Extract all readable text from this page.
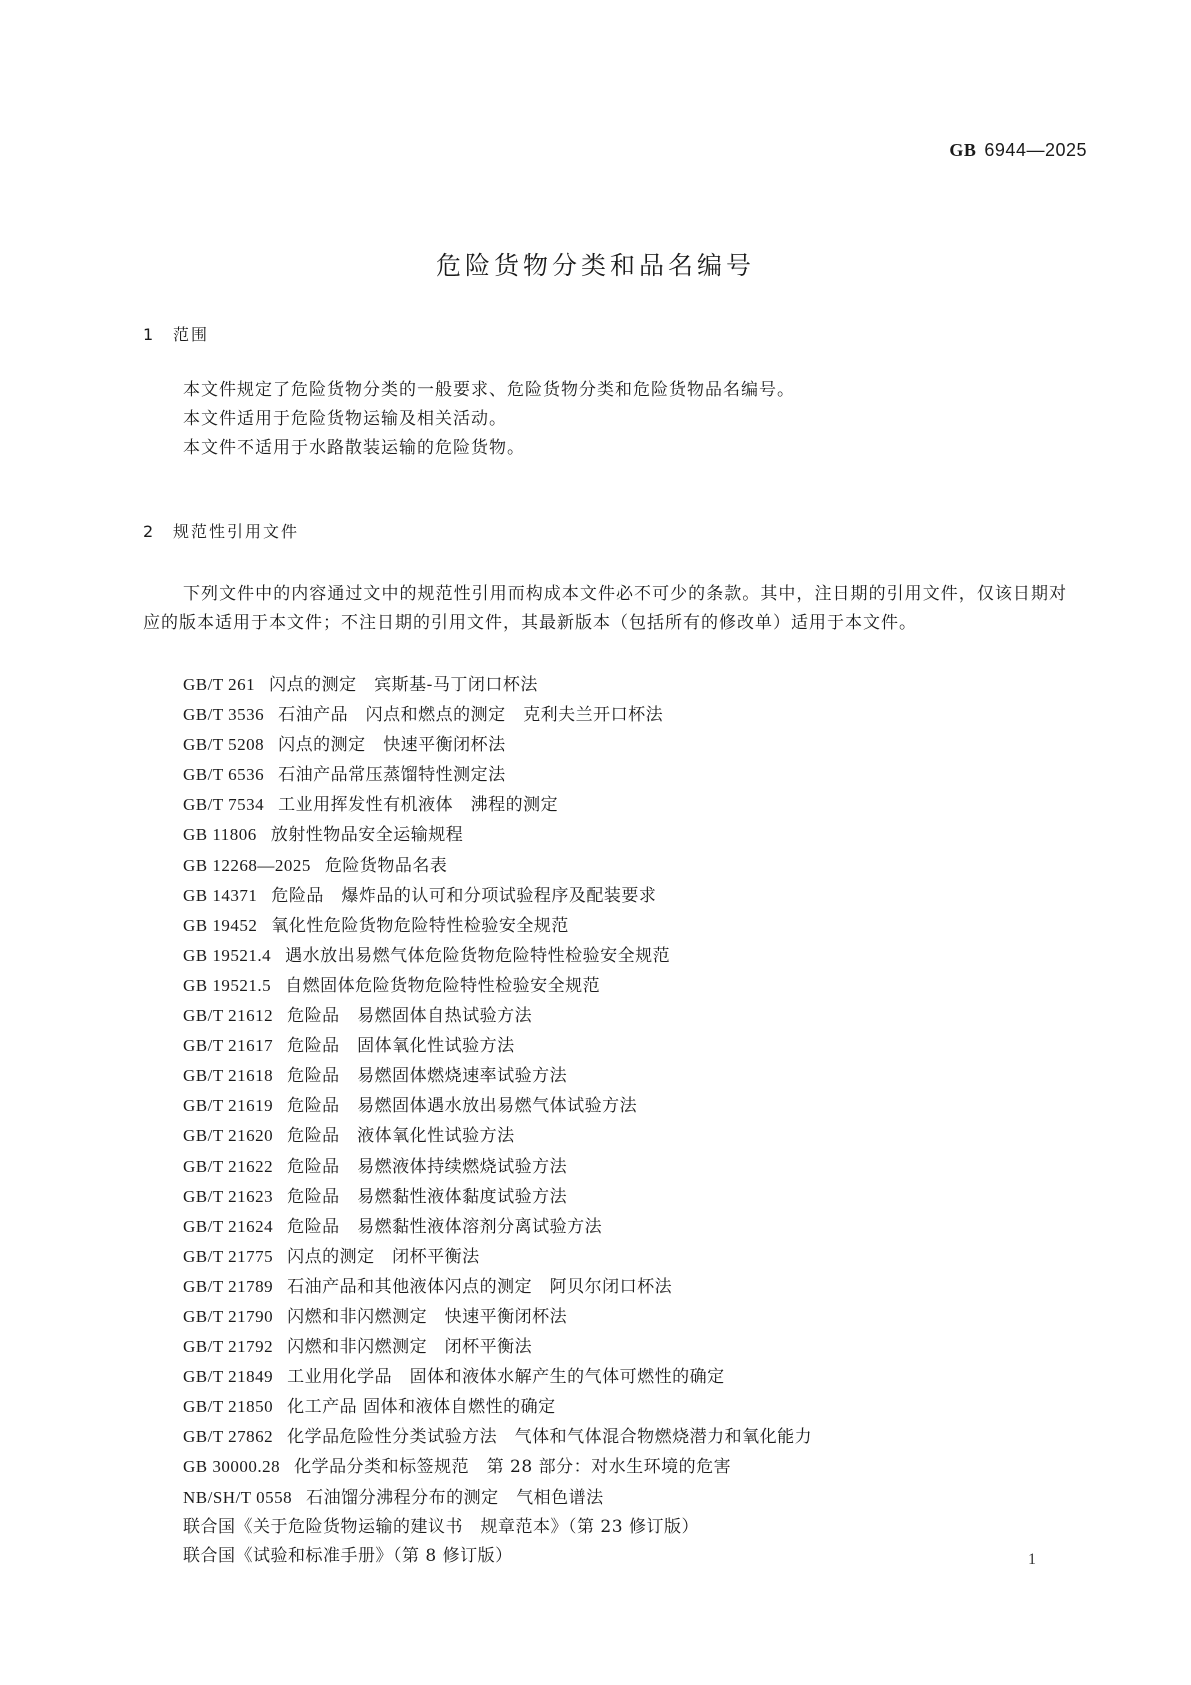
GB 6944—2025
危险货物分类和品名编号
1 范围
本文件规定了危险货物分类的一般要求、危险货物分类和危险货物品名编号。
本文件适用于危险货物运输及相关活动。
本文件不适用于水路散装运输的危险货物。
2 规范性引用文件
下列文件中的内容通过文中的规范性引用而构成本文件必不可少的条款。其中，注日期的引用文件，仅该日期对应的版本适用于本文件；不注日期的引用文件，其最新版本（包括所有的修改单）适用于本文件。
GB/T 261 闪点的测定　宾斯基-马丁闭口杯法
GB/T 3536 石油产品　闪点和燃点的测定　克利夫兰开口杯法
GB/T 5208 闪点的测定　快速平衡闭杯法
GB/T 6536 石油产品常压蒸馏特性测定法
GB/T 7534 工业用挥发性有机液体　沸程的测定
GB 11806 放射性物品安全运输规程
GB 12268—2025 危险货物品名表
GB 14371 危险品　爆炸品的认可和分项试验程序及配装要求
GB 19452 氧化性危险货物危险特性检验安全规范
GB 19521.4 遇水放出易燃气体危险货物危险特性检验安全规范
GB 19521.5 自燃固体危险货物危险特性检验安全规范
GB/T 21612 危险品　易燃固体自热试验方法
GB/T 21617 危险品　固体氧化性试验方法
GB/T 21618 危险品　易燃固体燃烧速率试验方法
GB/T 21619 危险品　易燃固体遇水放出易燃气体试验方法
GB/T 21620 危险品　液体氧化性试验方法
GB/T 21622 危险品　易燃液体持续燃烧试验方法
GB/T 21623 危险品　易燃黏性液体黏度试验方法
GB/T 21624 危险品　易燃黏性液体溶剂分离试验方法
GB/T 21775 闪点的测定　闭杯平衡法
GB/T 21789 石油产品和其他液体闪点的测定　阿贝尔闭口杯法
GB/T 21790 闪燃和非闪燃测定　快速平衡闭杯法
GB/T 21792 闪燃和非闪燃测定　闭杯平衡法
GB/T 21849 工业用化学品　固体和液体水解产生的气体可燃性的确定
GB/T 21850 化工产品 固体和液体自燃性的确定
GB/T 27862 化学品危险性分类试验方法　气体和气体混合物燃烧潜力和氧化能力
GB 30000.28 化学品分类和标签规范　第 28 部分：对水生环境的危害
NB/SH/T 0558 石油馏分沸程分布的测定　气相色谱法
联合国《关于危险货物运输的建议书　规章范本》（第 23 修订版）
联合国《试验和标准手册》（第 8 修订版）	1
